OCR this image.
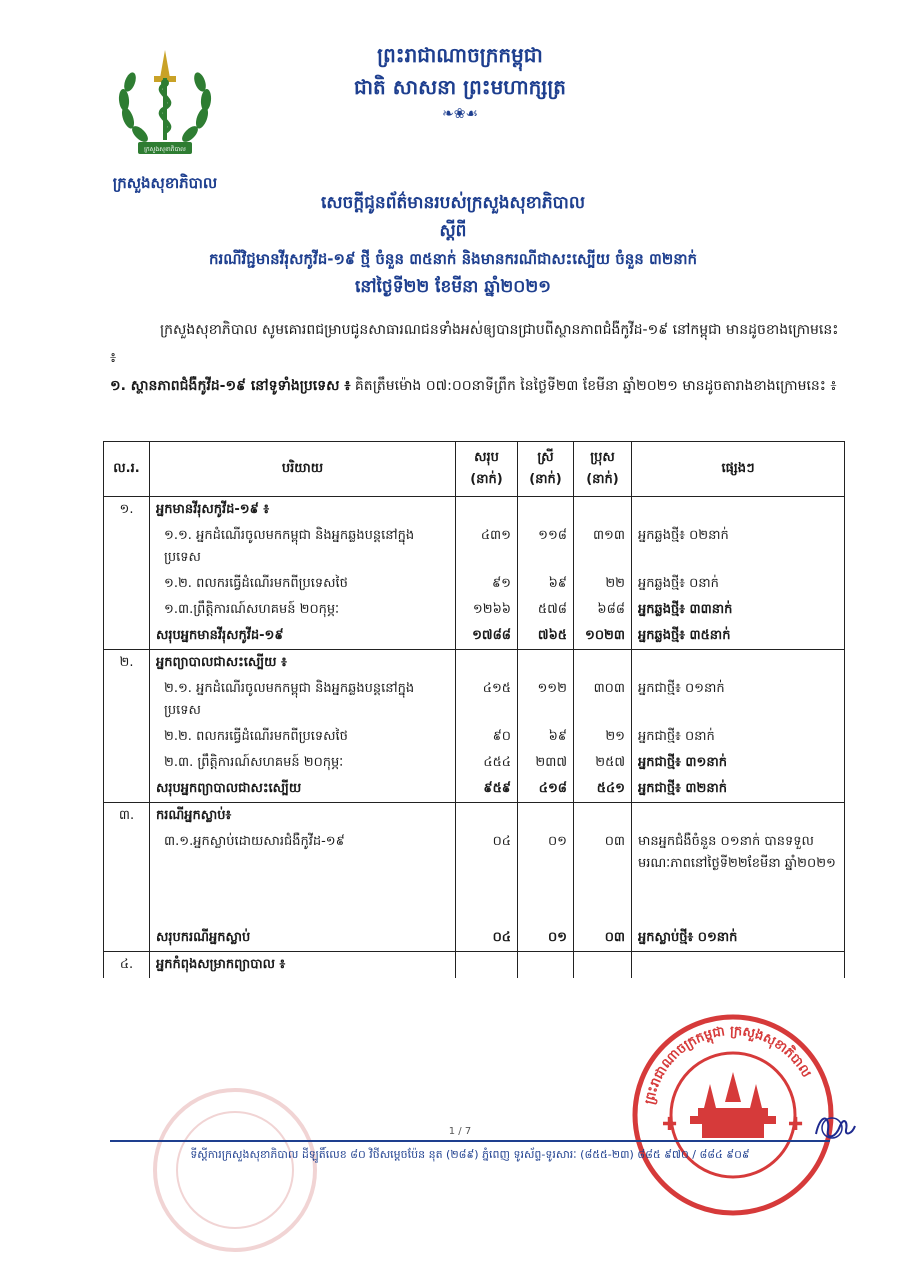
ព្រះរាជាណាចក្រកម្ពុជា
ជាតិ សាសនា ព្រះមហាក្សត្រ
❧❀☙
ក្រសួងសុខាភិបាល
ក្រសួងសុខាភិបាល
សេចក្តីជូនព័ត៌មានរបស់ក្រសួងសុខាភិបាល
ស្តីពី
ករណីវិជ្ជមានវីរុសកូវីដ-១៩ ថ្មី ចំនួន ៣៥នាក់ និងមានករណីជាសះស្បើយ ចំនួន ៣២នាក់
នៅថ្ងៃទី២២ ខែមីនា ឆ្នាំ២០២១
ក្រសួងសុខាភិបាល សូមគោរពជម្រាបជូនសាធារណជនទាំងអស់ឲ្យបានជ្រាបពីស្ថានភាពជំងឺកូវីដ-១៩ នៅកម្ពុជា មានដូចខាងក្រោមនេះ ៖
១. ស្ថានភាពជំងឺកូវីដ-១៩ នៅទូទាំងប្រទេស ៖ គិតត្រឹមម៉ោង ០៧:០០នាទីព្រឹក នៃថ្ងៃទី២៣ ខែមីនា ឆ្នាំ២០២១ មានដូចតារាងខាងក្រោមនេះ ៖
ល.រ.	បរិយាយ	សរុប (នាក់)	ស្រី (នាក់)	ប្រុស (នាក់)	ផ្សេងៗ
១.	អ្នកមានវីរុសកូវីដ-១៩ ៖				
	១.១. អ្នកដំណើរចូលមកកម្ពុជា និងអ្នកឆ្លងបន្តនៅក្នុងប្រទេស	៤៣១	១១៨	៣១៣	អ្នកឆ្លងថ្មី៖ ០២នាក់
	១.២. ពលករធ្វើដំណើរមកពីប្រទេសថៃ	៩១	៦៩	២២	អ្នកឆ្លងថ្មី៖ ០នាក់
	១.៣.ព្រឹត្តិការណ៍សហគមន៍ ២០កុម្ភៈ	១២៦៦	៥៧៨	៦៨៨	អ្នកឆ្លងថ្មី៖ ៣៣នាក់
	សរុបអ្នកមានវីរុសកូវីដ-១៩	១៧៨៨	៧៦៥	១០២៣	អ្នកឆ្លងថ្មី៖ ៣៥នាក់
២.	អ្នកព្យាបាលជាសះស្បើយ ៖				
	២.១. អ្នកដំណើរចូលមកកម្ពុជា និងអ្នកឆ្លងបន្តនៅក្នុងប្រទេស	៤១៥	១១២	៣០៣	អ្នកជាថ្មី៖ ០១នាក់
	២.២. ពលករធ្វើដំណើរមកពីប្រទេសថៃ	៩០	៦៩	២១	អ្នកជាថ្មី៖ ០នាក់
	២.៣. ព្រឹត្តិការណ៍សហគមន៍ ២០កុម្ភៈ	៤៥៤	២៣៧	២៥៧	អ្នកជាថ្មី៖ ៣១នាក់
	សរុបអ្នកព្យាបាលជាសះស្បើយ	៩៥៩	៤១៨	៥៤១	អ្នកជាថ្មី៖ ៣២នាក់
៣.	ករណីអ្នកស្លាប់៖				
	៣.១.អ្នកស្លាប់ដោយសារជំងឺកូវីដ-១៩	០៤	០១	០៣	មានអ្នកជំងឺចំនួន ០១នាក់ បានទទួលមរណៈភាពនៅថ្ងៃទី២២ខែមីនា ឆ្នាំ២០២១
	សរុបករណីអ្នកស្លាប់	០៤	០១	០៣	អ្នកស្លាប់ថ្មី៖ ០១នាក់
៤.	អ្នកកំពុងសម្រាកព្យាបាល ៖				
ព្រះរាជាណាចក្រកម្ពុជា ក្រសួងសុខាភិបាល
✚	✚
1 / 7
ទីស្តីការក្រសួងសុខាភិបាល ដីឡូតិ៍លេខ ៨០ វិថីសម្តេចប៉ែន នុត (២៨៩) ភ្នំពេញ ទូរស័ព្ទ-ទូរសារៈ (៨៥៥-២៣) ៨៨៥ ៩៧០ / ៨៨៤ ៩០៩
